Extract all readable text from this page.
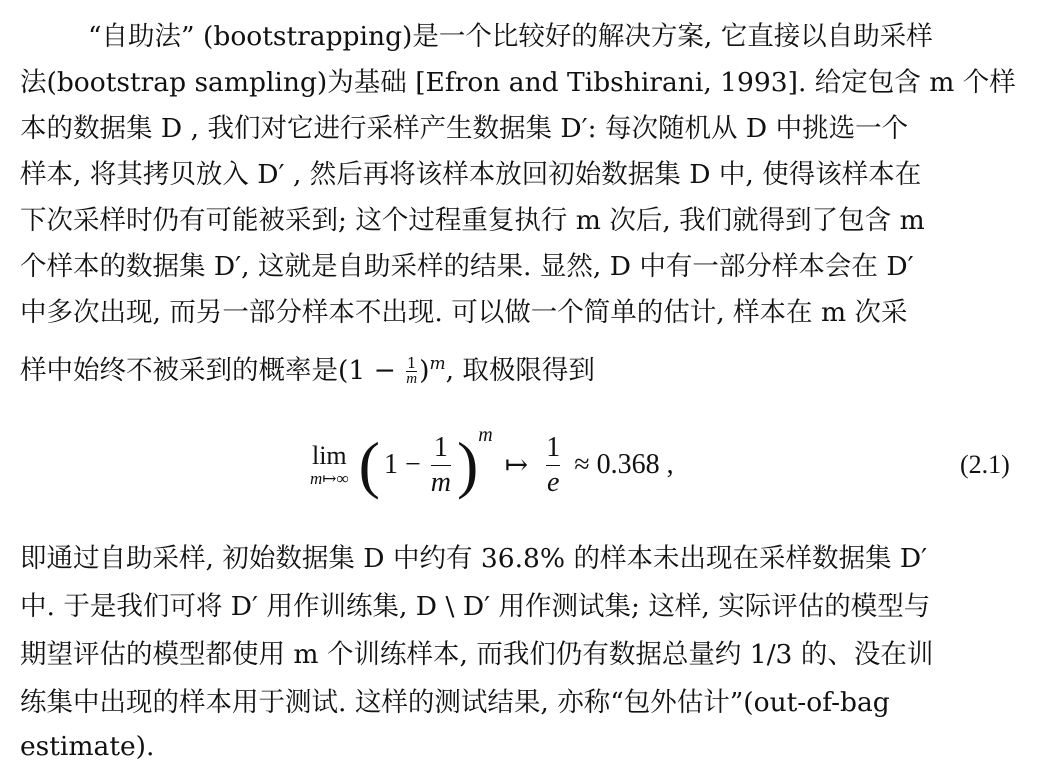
“自助法” (bootstrapping)是一个比较好的解决方案, 它直接以自助采样
法(bootstrap sampling)为基础 [Efron and Tibshirani, 1993]. 给定包含 m 个样
本的数据集 D , 我们对它进行采样产生数据集 D′: 每次随机从 D 中挑选一个
样本, 将其拷贝放入 D′ , 然后再将该样本放回初始数据集 D 中, 使得该样本在
下次采样时仍有可能被采到; 这个过程重复执行 m 次后, 我们就得到了包含 m
个样本的数据集 D′, 这就是自助采样的结果. 显然, D 中有一部分样本会在 D′
中多次出现, 而另一部分样本不出现. 可以做一个简单的估计, 样本在 m 次采
样中始终不被采到的概率是$(1 - \frac{1}{m} )^m$, 取极限得到
lim
m↦∞ ( 1 −
1
m ) m
↦
1
e
≈ 0.368 ,	(2.1)
即通过自助采样, 初始数据集 D 中约有 36.8% 的样本未出现在采样数据集 D′
中. 于是我们可将 D′ 用作训练集, D \ D′ 用作测试集; 这样, 实际评估的模型与
期望评估的模型都使用 m 个训练样本, 而我们仍有数据总量约 1/3 的、没在训
练集中出现的样本用于测试. 这样的测试结果, 亦称“包外估计”(out-of-bag
estimate).
